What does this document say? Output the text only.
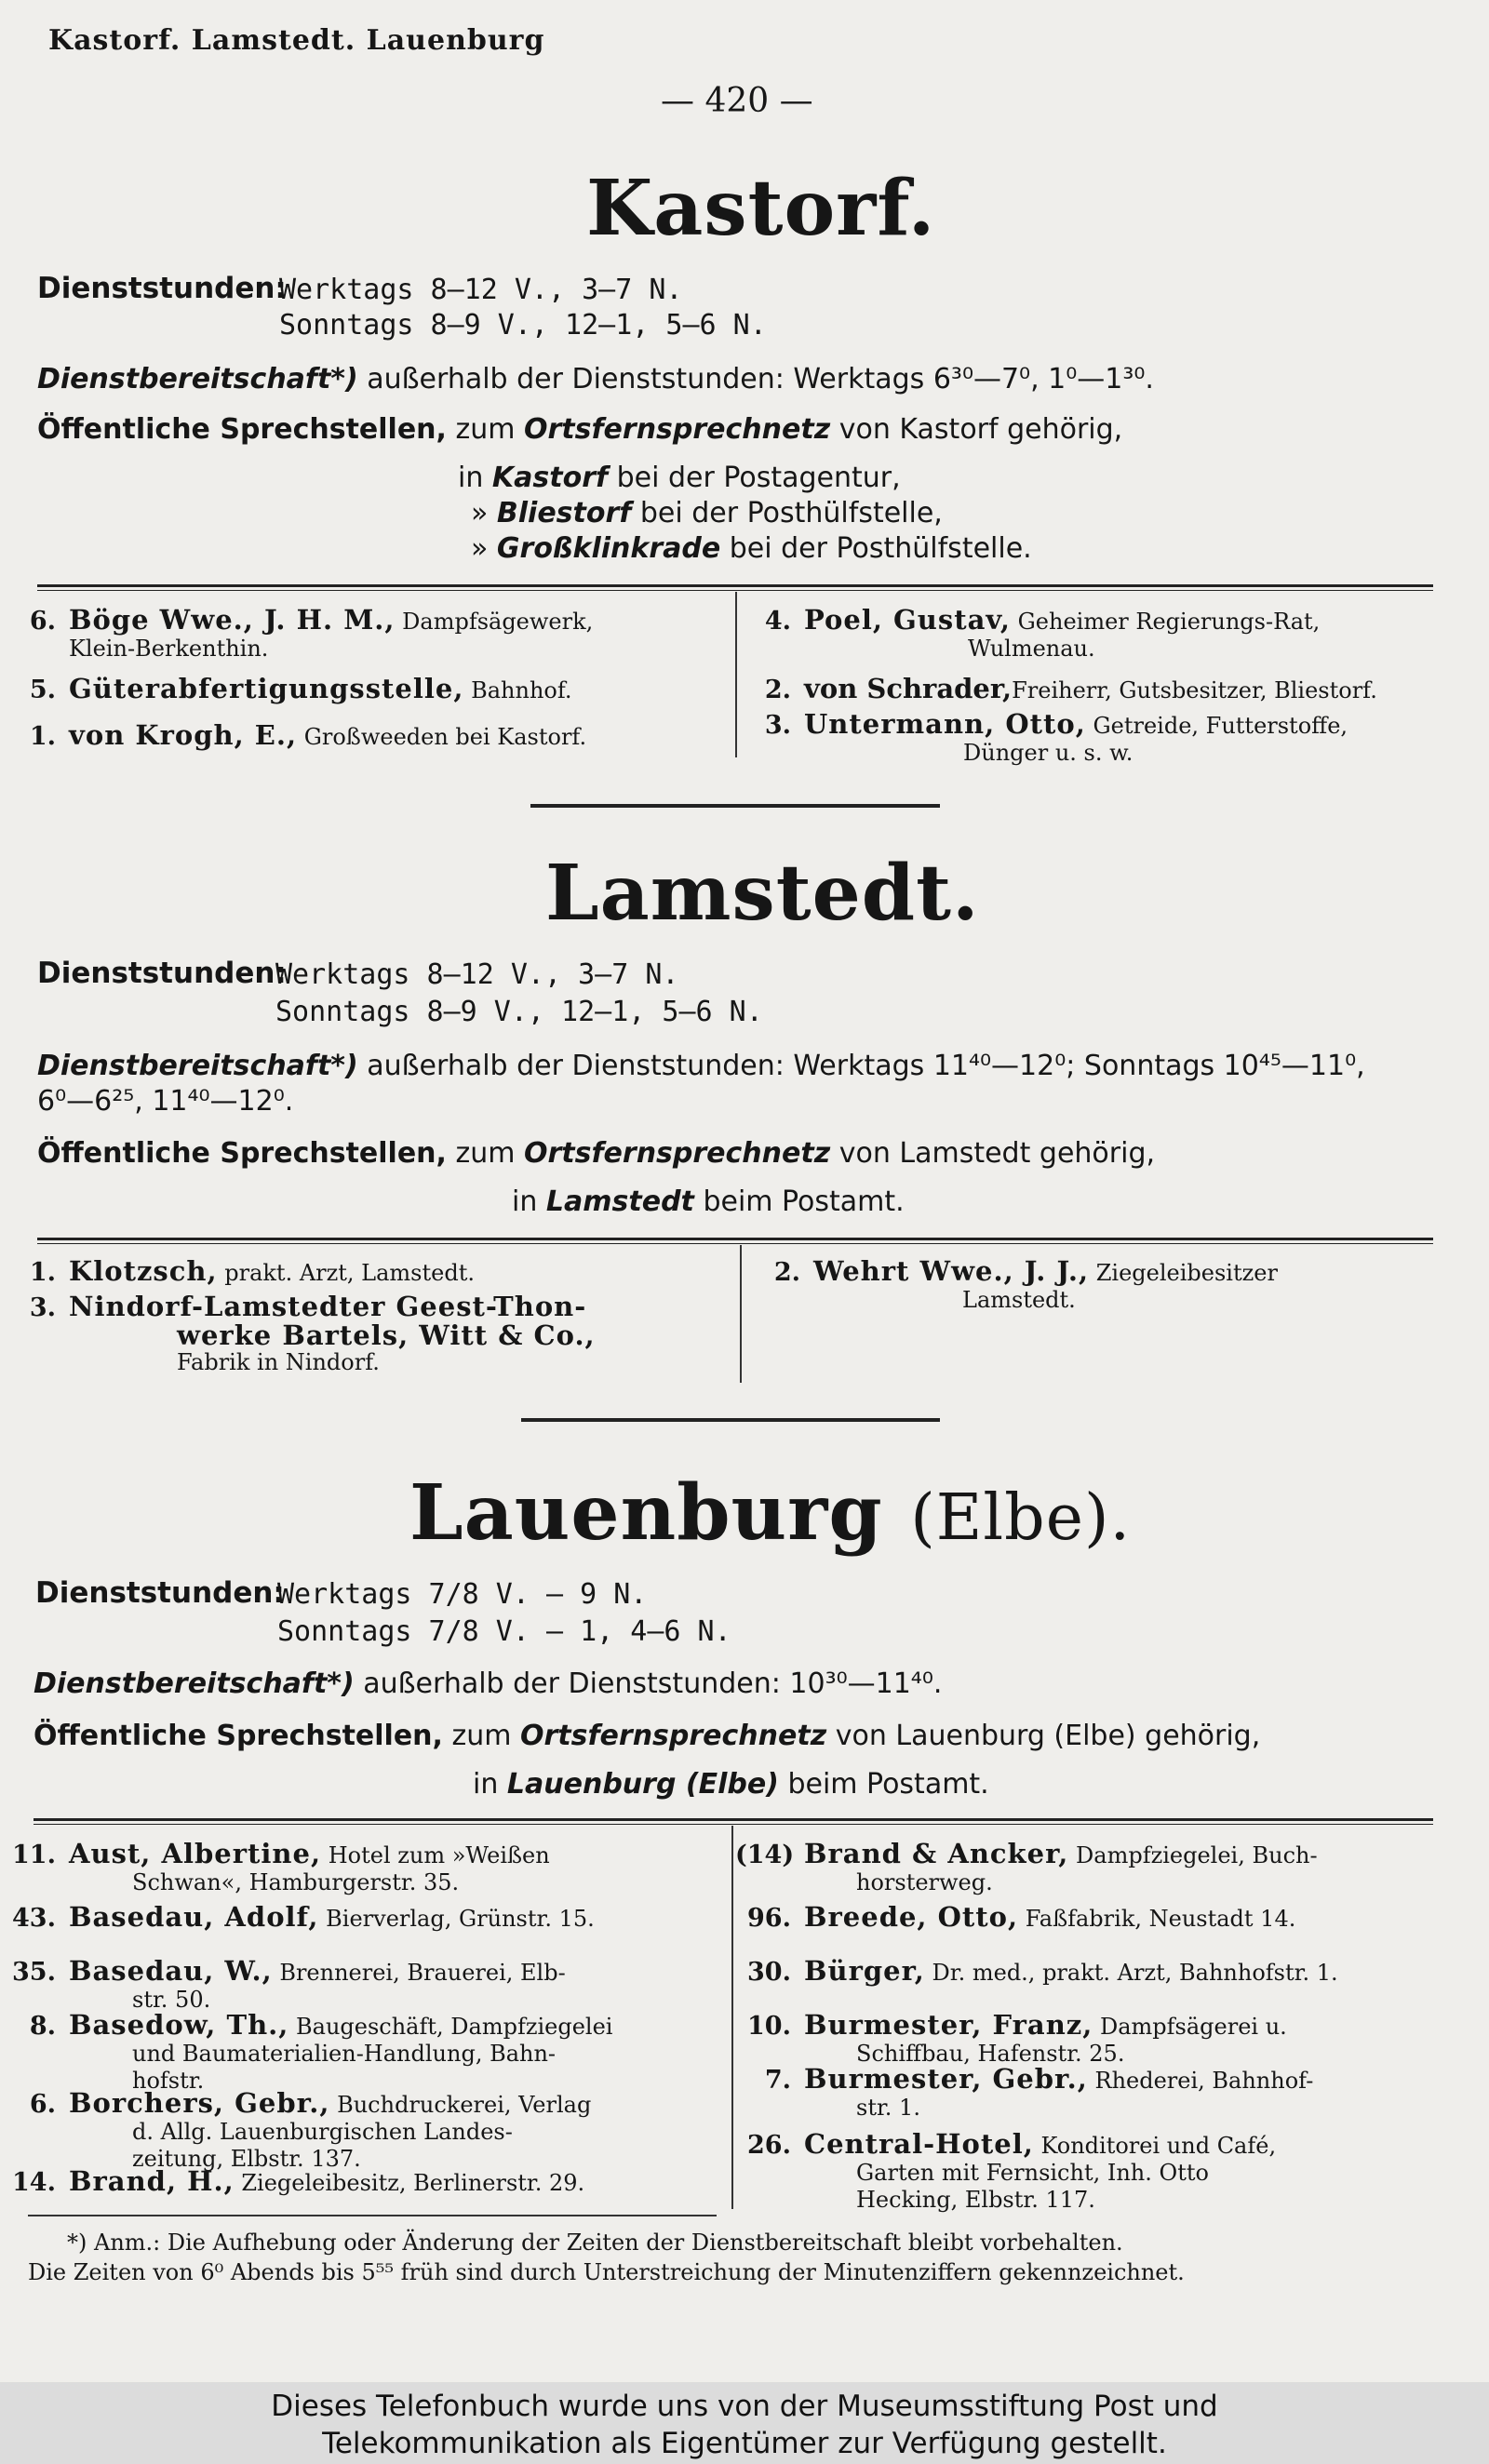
Kastorf. Lamstedt. Lauenburg
— 420 —
Kastorf.
Dienststunden:
Werktags 8—12 V., 3—7 N.
Sonntags 8—9 V., 12—1, 5—6 N.
Dienstbereitschaft*) außerhalb der Dienststunden: Werktags 6³⁰—7⁰, 1⁰—1³⁰.
Öffentliche Sprechstellen, zum Ortsfernsprechnetz von Kastorf gehörig,
in Kastorf bei der Postagentur,
» Bliestorf bei der Posthülfstelle,
» Großklinkrade bei der Posthülfstelle.
6. Böge Wwe., J. H. M., Dampfsägewerk,
Klein-Berkenthin.
5. Güterabfertigungsstelle, Bahnhof.
1. von Krogh, E., Großweeden bei Kastorf.
4. Poel, Gustav, Geheimer Regierungs-Rat,
Wulmenau.
2. von Schrader,Freiherr, Gutsbesitzer, Bliestorf.
3. Untermann, Otto, Getreide, Futterstoffe,
Dünger u. s. w.
Lamstedt.
Dienststunden:
Werktags 8—12 V., 3—7 N.
Sonntags 8—9 V., 12—1, 5—6 N.
Dienstbereitschaft*) außerhalb der Dienststunden: Werktags 11⁴⁰—12⁰; Sonntags 10⁴⁵—11⁰,
6⁰—6²⁵, 11⁴⁰—12⁰.
Öffentliche Sprechstellen, zum Ortsfernsprechnetz von Lamstedt gehörig,
in Lamstedt beim Postamt.
1. Klotzsch, prakt. Arzt, Lamstedt.
3. Nindorf-Lamstedter Geest-Thon-
werke Bartels, Witt & Co.,
Fabrik in Nindorf.
2. Wehrt Wwe., J. J., Ziegeleibesitzer
Lamstedt.
Lauenburg (Elbe).
Dienststunden:
Werktags 7/8 V. — 9 N.
Sonntags 7/8 V. — 1, 4—6 N.
Dienstbereitschaft*) außerhalb der Dienststunden: 10³⁰—11⁴⁰.
Öffentliche Sprechstellen, zum Ortsfernsprechnetz von Lauenburg (Elbe) gehörig,
in Lauenburg (Elbe) beim Postamt.
11. Aust, Albertine, Hotel zum »Weißen
Schwan«, Hamburgerstr. 35.
43. Basedau, Adolf, Bierverlag, Grünstr. 15.
35. Basedau, W., Brennerei, Brauerei, Elb-
str. 50.
8. Basedow, Th., Baugeschäft, Dampfziegelei
und Baumaterialien-Handlung, Bahn-
hofstr.
6. Borchers, Gebr., Buchdruckerei, Verlag
d. Allg. Lauenburgischen Landes-
zeitung, Elbstr. 137.
14. Brand, H., Ziegeleibesitz, Berlinerstr. 29.
(14) Brand & Ancker, Dampfziegelei, Buch-
horsterweg.
96. Breede, Otto, Faßfabrik, Neustadt 14.
30. Bürger, Dr. med., prakt. Arzt, Bahnhofstr. 1.
10. Burmester, Franz, Dampfsägerei u.
Schiffbau, Hafenstr. 25.
7. Burmester, Gebr., Rhederei, Bahnhof-
str. 1.
26. Central-Hotel, Konditorei und Café,
Garten mit Fernsicht, Inh. Otto
Hecking, Elbstr. 117.
*) Anm.: Die Aufhebung oder Änderung der Zeiten der Dienstbereitschaft bleibt vorbehalten.
Die Zeiten von 6⁰ Abends bis 5⁵⁵ früh sind durch Unterstreichung der Minutenziffern gekennzeichnet.
Dieses Telefonbuch wurde uns von der Museumsstiftung Post und
Telekommunikation als Eigentümer zur Verfügung gestellt.
